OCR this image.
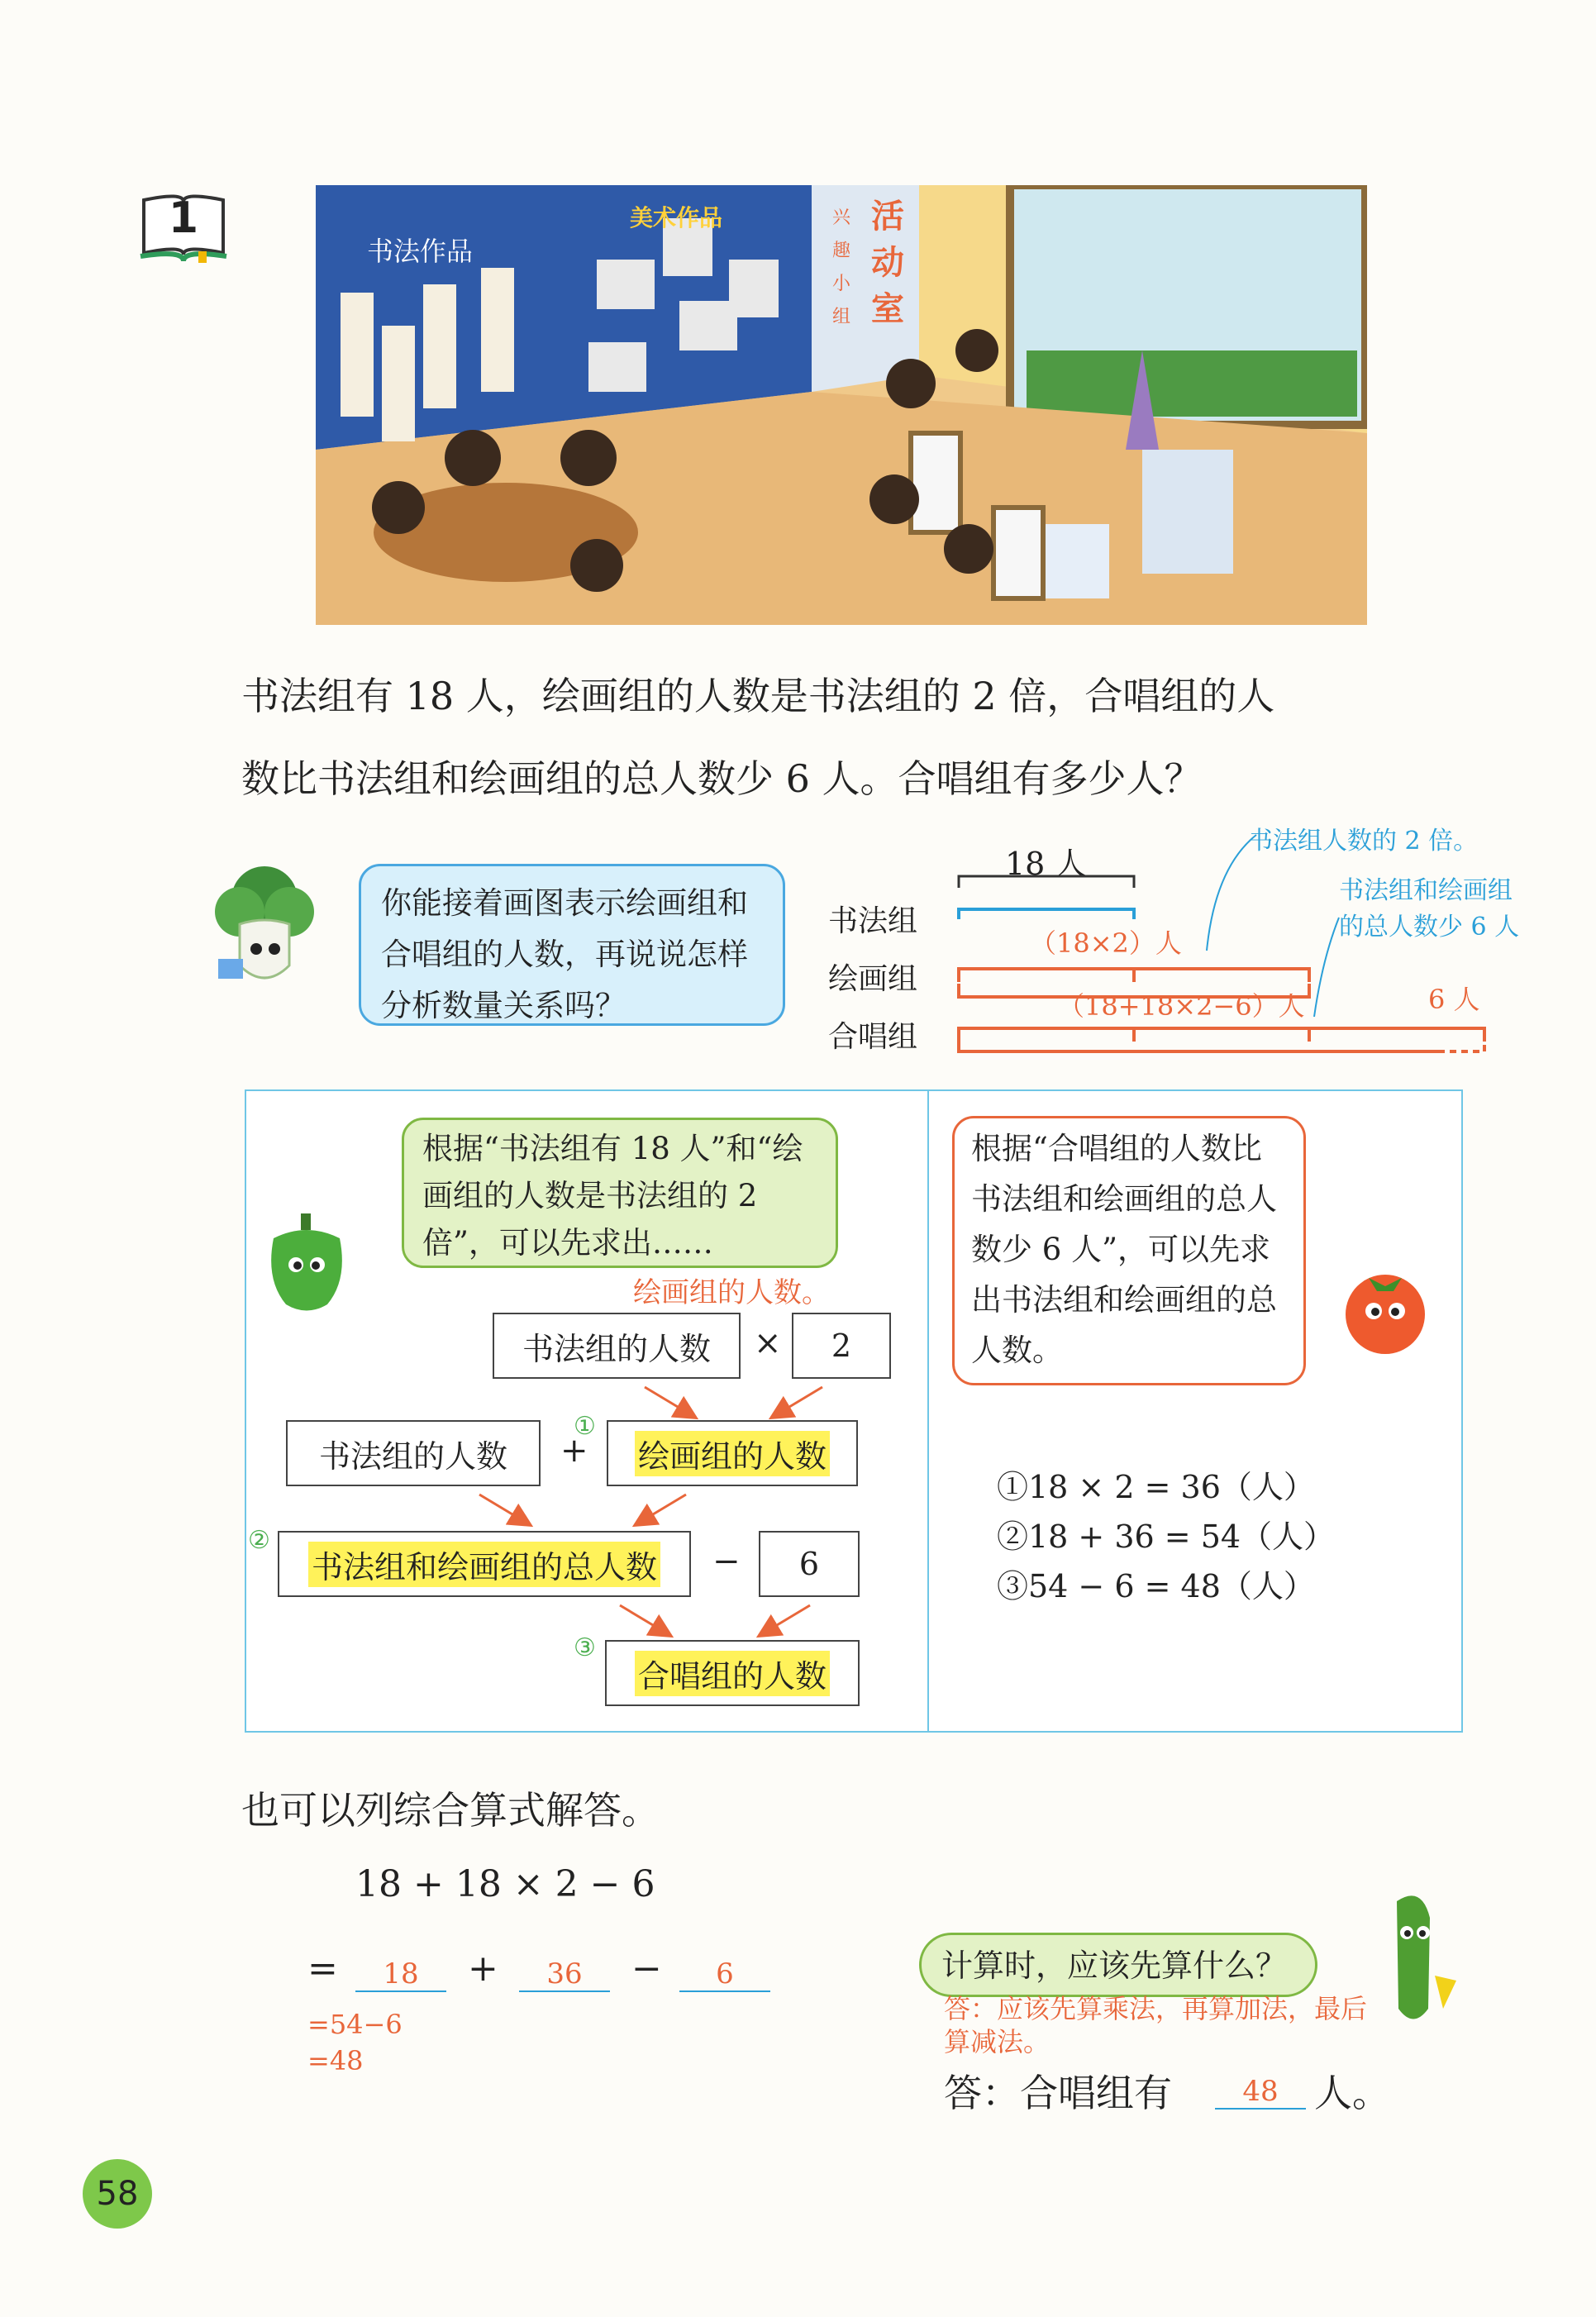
1
书法作品
美术作品	兴趣小组
活动室
书法组有 18 人，绘画组的人数是书法组的 2 倍，合唱组的人
数比书法组和绘画组的总人数少 6 人。合唱组有多少人？
你能接着画图表示绘画组和合唱组的人数，再说说怎样分析数量关系吗？
18 人
书法组
绘画组
合唱组
（18×2）人
（18+18×2−6）人
书法组人数的 2 倍。
书法组和绘画组的总人数少 6 人
6 人
根据“书法组有 18 人”和“绘画组的人数是书法组的 2 倍”，可以先求出……
绘画组的人数。
书法组的人数 × 2
书法组的人数 +
①
绘画组的人数
②
书法组和绘画组的总人数 − 6
③
合唱组的人数
根据“合唱组的人数比书法组和绘画组的总人数少 6 人”，可以先求出书法组和绘画组的总人数。
①18 × 2 = 36（人）
②18 + 36 = 54（人）
③54 − 6 = 48（人）
也可以列综合算式解答。
18 + 18 × 2 − 6
=	18	+	36	−	6
=54−6
=48
计算时，应该先算什么？
答：应该先算乘法，再算加法，最后算减法。
答：合唱组有	48 人。
58
